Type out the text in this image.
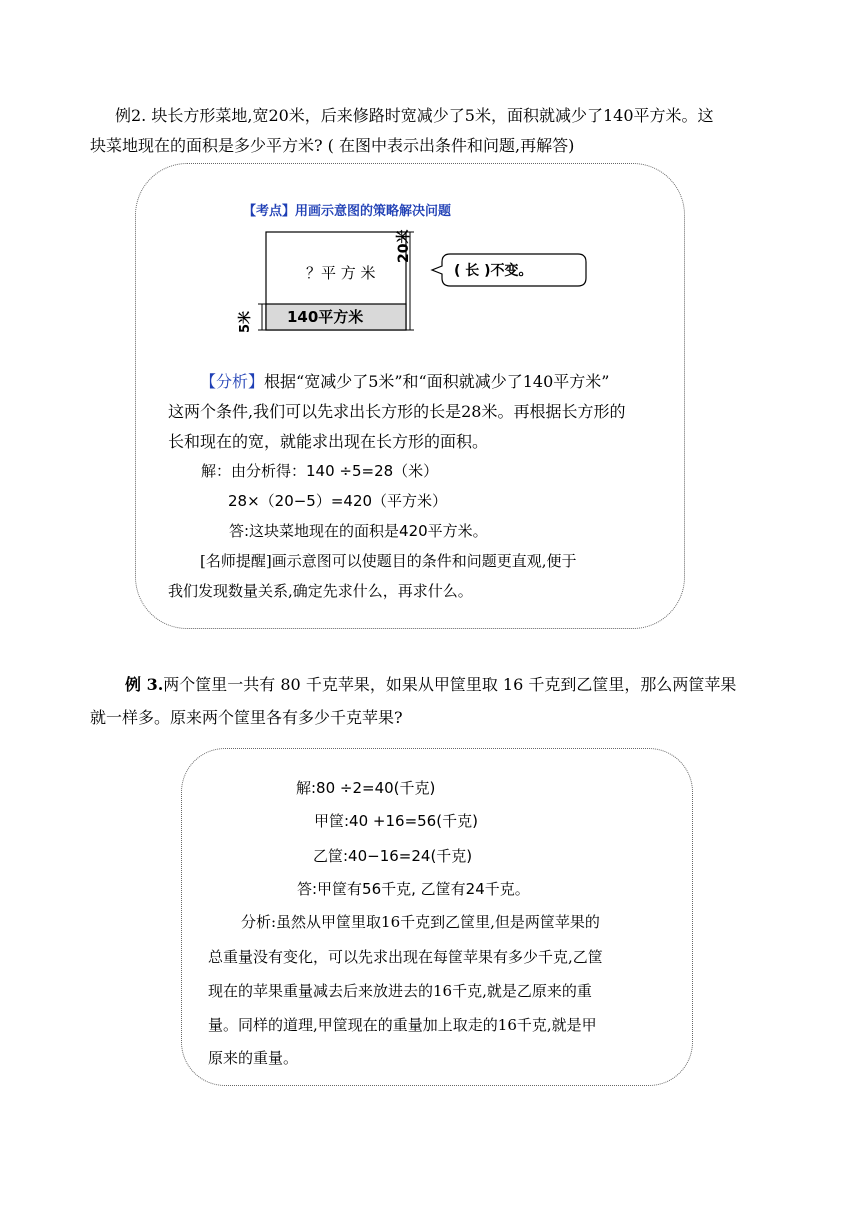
例2. 块长方形菜地,宽20米，后来修路时宽减少了5米，面积就减少了140平方米。这
块菜地现在的面积是多少平方米? ( 在图中表示出条件和问题,再解答)
【考点】用画示意图的策略解决问题
？平 方 米
140平方米
20米
5米
( 长 )不变。
【分析】根据“宽减少了5米”和“面积就减少了140平方米”
这两个条件,我们可以先求出长方形的长是28米。再根据长方形的
长和现在的宽，就能求出现在长方形的面积。
解：由分析得：140 ÷5=28（米）
28×（20−5）=420（平方米）
答:这块菜地现在的面积是420平方米。
[名师提醒]画示意图可以使题目的条件和问题更直观,便于
我们发现数量关系,确定先求什么，再求什么。
例 3.两个筐里一共有 80 千克苹果，如果从甲筐里取 16 千克到乙筐里，那么两筐苹果
就一样多。原来两个筐里各有多少千克苹果?
解:80 ÷2=40(千克)
甲筐:40 +16=56(千克)
乙筐:40−16=24(千克)
答:甲筐有56千克, 乙筐有24千克。
分析:虽然从甲筐里取16千克到乙筐里,但是两筐苹果的
总重量没有变化，可以先求出现在每筐苹果有多少千克,乙筐
现在的苹果重量减去后来放进去的16千克,就是乙原来的重
量。同样的道理,甲筐现在的重量加上取走的16千克,就是甲
原来的重量。
